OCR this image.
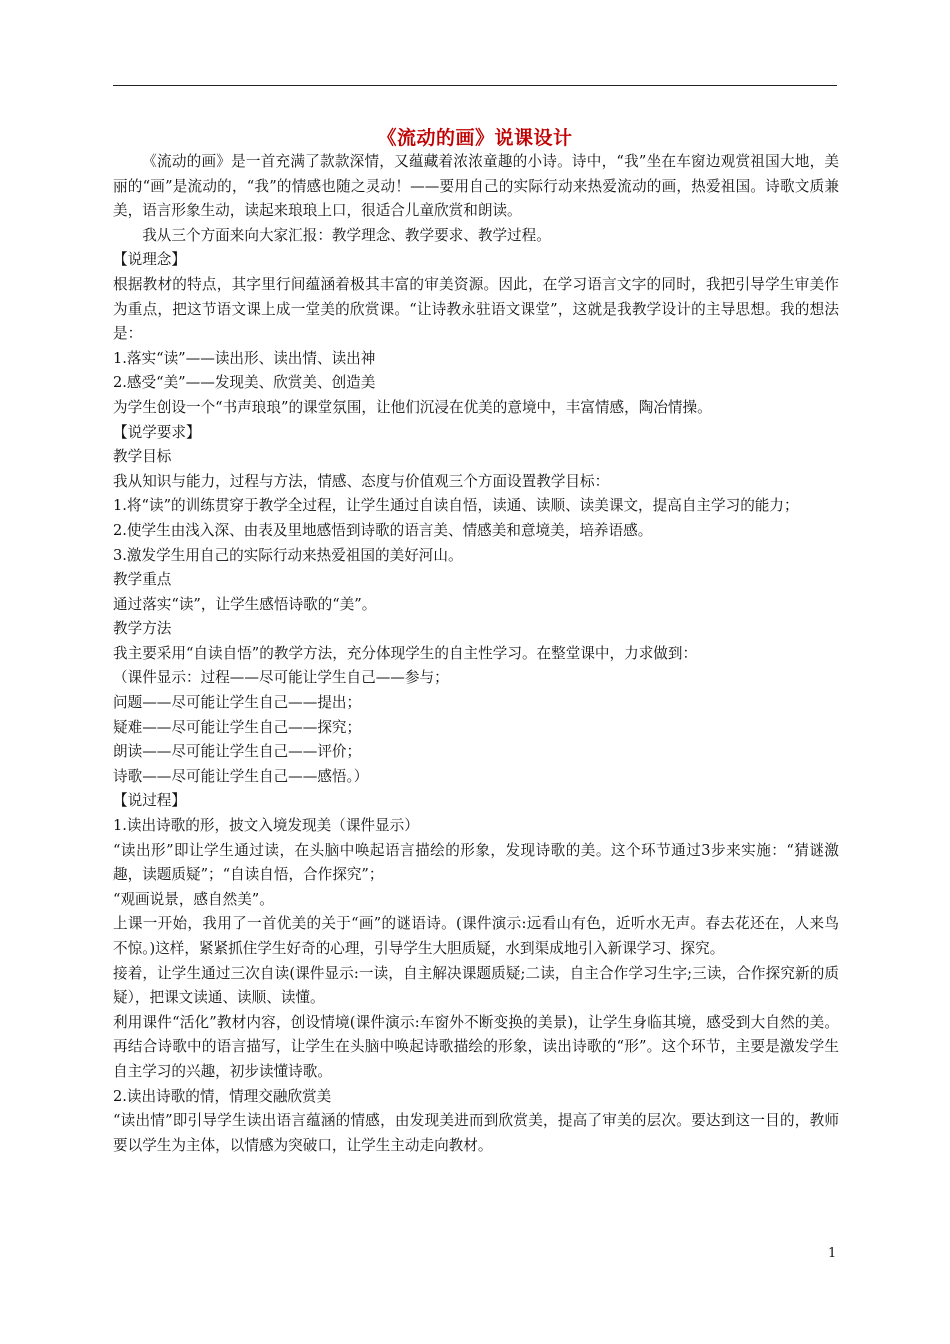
《流动的画》说课设计

《流动的画》是一首充满了款款深情，又蕴藏着浓浓童趣的小诗。诗中，“我”坐在车窗边观赏祖国大地，美丽的“画”是流动的，“我”的情感也随之灵动！——要用自己的实际行动来热爱流动的画，热爱祖国。诗歌文质兼美，语言形象生动，读起来琅琅上口，很适合儿童欣赏和朗读。

我从三个方面来向大家汇报：教学理念、教学要求、教学过程。

【说理念】

根据教材的特点，其字里行间蕴涵着极其丰富的审美资源。因此，在学习语言文字的同时，我把引导学生审美作为重点，把这节语文课上成一堂美的欣赏课。“让诗教永驻语文课堂”，这就是我教学设计的主导思想。我的想法是：

1.落实“读”——读出形、读出情、读出神

2.感受“美”——发现美、欣赏美、创造美

为学生创设一个“书声琅琅”的课堂氛围，让他们沉浸在优美的意境中，丰富情感，陶冶情操。

【说学要求】

教学目标

我从知识与能力，过程与方法，情感、态度与价值观三个方面设置教学目标：

1.将“读”的训练贯穿于教学全过程，让学生通过自读自悟，读通、读顺、读美课文，提高自主学习的能力；

2.使学生由浅入深、由表及里地感悟到诗歌的语言美、情感美和意境美，培养语感。

3.激发学生用自己的实际行动来热爱祖国的美好河山。

教学重点

通过落实“读”，让学生感悟诗歌的“美”。

教学方法

我主要采用“自读自悟”的教学方法，充分体现学生的自主性学习。在整堂课中，力求做到：

（课件显示：过程——尽可能让学生自己——参与；

问题——尽可能让学生自己——提出；

疑难——尽可能让学生自己——探究；

朗读——尽可能让学生自己——评价；

诗歌——尽可能让学生自己——感悟。）

【说过程】

1.读出诗歌的形，披文入境发现美（课件显示）

“读出形”即让学生通过读，在头脑中唤起语言描绘的形象，发现诗歌的美。这个环节通过3步来实施：“猜谜激趣，读题质疑”；“自读自悟，合作探究”；

“观画说景，感自然美”。

上课一开始，我用了一首优美的关于“画”的谜语诗。(课件演示:远看山有色，近听水无声。春去花还在，人来鸟不惊。)这样，紧紧抓住学生好奇的心理，引导学生大胆质疑，水到渠成地引入新课学习、探究。

接着，让学生通过三次自读(课件显示:一读，自主解决课题质疑;二读，自主合作学习生字;三读，合作探究新的质疑），把课文读通、读顺、读懂。

利用课件“活化”教材内容，创设情境(课件演示:车窗外不断变换的美景)，让学生身临其境，感受到大自然的美。再结合诗歌中的语言描写，让学生在头脑中唤起诗歌描绘的形象，读出诗歌的“形”。这个环节，主要是激发学生自主学习的兴趣，初步读懂诗歌。

2.读出诗歌的情，情理交融欣赏美

“读出情”即引导学生读出语言蕴涵的情感，由发现美进而到欣赏美，提高了审美的层次。要达到这一目的，教师要以学生为主体，以情感为突破口，让学生主动走向教材。

1
